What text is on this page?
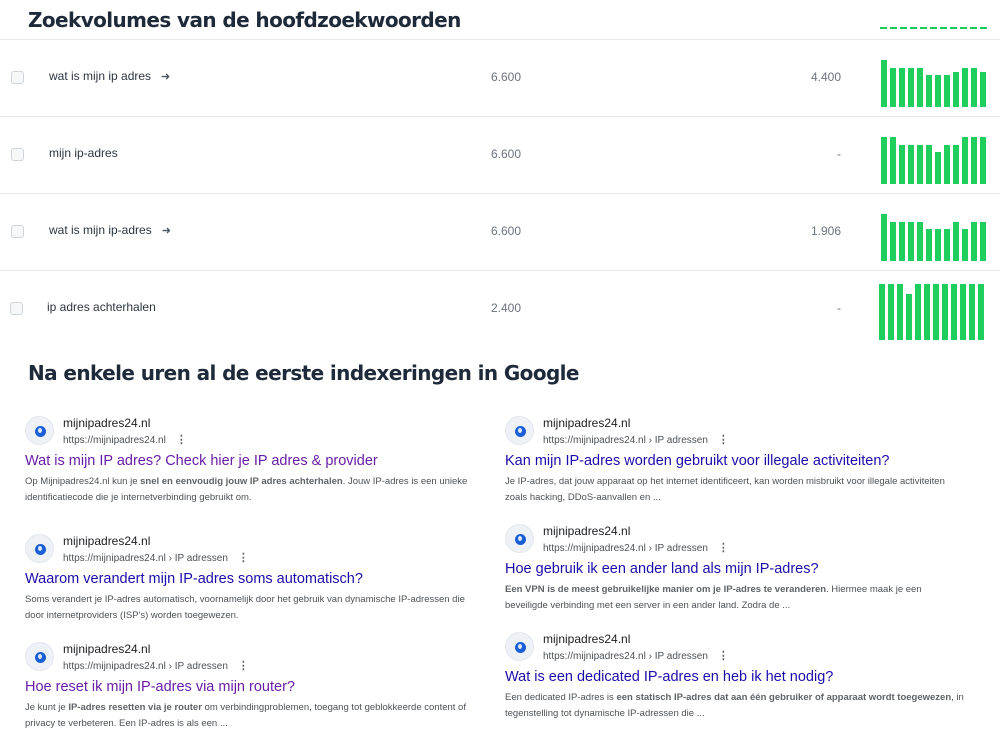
Zoekvolumes van de hoofdzoekwoorden
wat is mijn ip adres ➜	6.600	4.400
mijn ip-adres	6.600	-
wat is mijn ip-adres ➜	6.600	1.906
ip adres achterhalen	2.400	-
Na enkele uren al de eerste indexeringen in Google
mijnipadres24.nl
https://mijnipadres24.nl ⋮
Wat is mijn IP adres? Check hier je IP adres & provider
Op Mijnipadres24.nl kun je snel en eenvoudig jouw IP adres achterhalen. Jouw IP-adres is een unieke identificatiecode die je internetverbinding gebruikt om.
mijnipadres24.nl
https://mijnipadres24.nl › IP adressen ⋮
Kan mijn IP-adres worden gebruikt voor illegale activiteiten?
Je IP-adres, dat jouw apparaat op het internet identificeert, kan worden misbruikt voor illegale activiteiten zoals hacking, DDoS-aanvallen en ...
mijnipadres24.nl
https://mijnipadres24.nl › IP adressen ⋮
Waarom verandert mijn IP-adres soms automatisch?
Soms verandert je IP-adres automatisch, voornamelijk door het gebruik van dynamische IP-adressen die door internetproviders (ISP's) worden toegewezen.
mijnipadres24.nl
https://mijnipadres24.nl › IP adressen ⋮
Hoe gebruik ik een ander land als mijn IP-adres?
Een VPN is de meest gebruikelijke manier om je IP-adres te veranderen. Hiermee maak je een beveiligde verbinding met een server in een ander land. Zodra de ...
mijnipadres24.nl
https://mijnipadres24.nl › IP adressen ⋮
Hoe reset ik mijn IP-adres via mijn router?
Je kunt je IP-adres resetten via je router om verbindingproblemen, toegang tot geblokkeerde content of privacy te verbeteren. Een IP-adres is als een ...
mijnipadres24.nl
https://mijnipadres24.nl › IP adressen ⋮
Wat is een dedicated IP-adres en heb ik het nodig?
Een dedicated IP-adres is een statisch IP-adres dat aan één gebruiker of apparaat wordt toegewezen, in tegenstelling tot dynamische IP-adressen die ...
